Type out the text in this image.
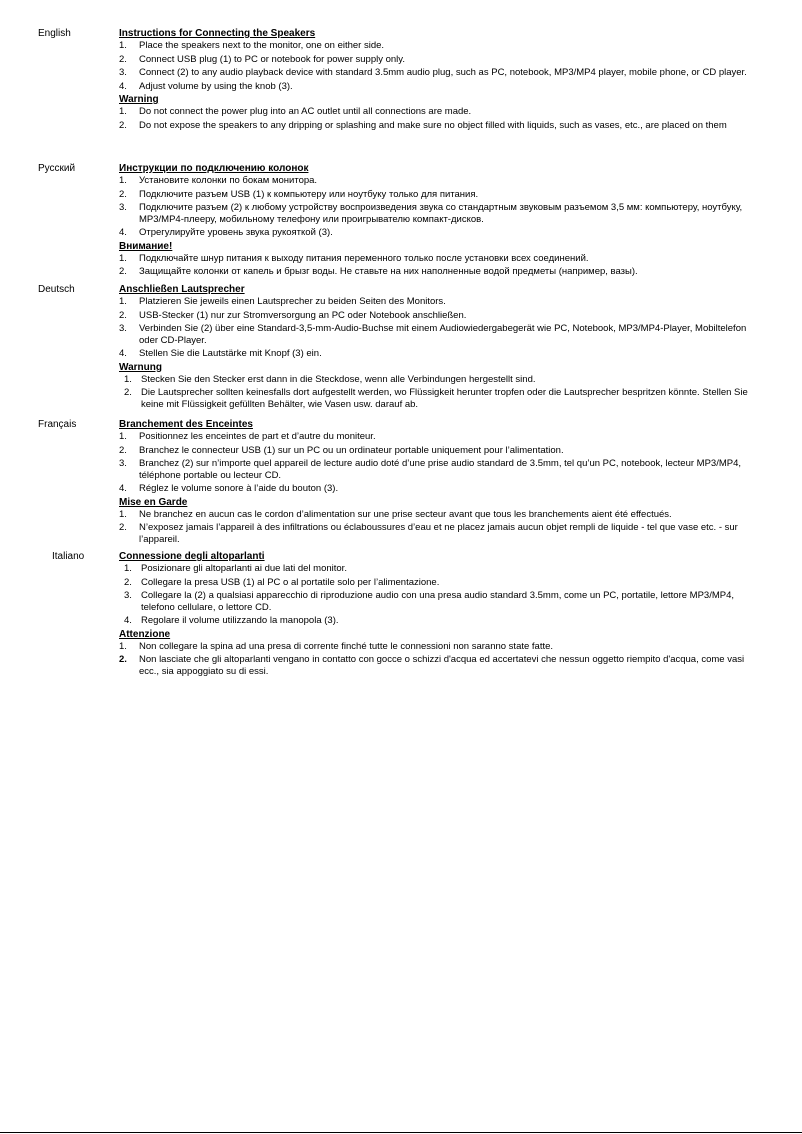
English	Instructions for Connecting the Speakers
1. Place the speakers next to the monitor, one on either side.
2. Connect USB plug (1) to PC or notebook for power supply only.
3. Connect (2) to any audio playback device with standard 3.5mm audio plug, such as PC, notebook, MP3/MP4 player, mobile phone, or CD player.
4. Adjust volume by using the knob (3).
Warning
1. Do not connect the power plug into an AC outlet until all connections are made.
2. Do not expose the speakers to any dripping or splashing and make sure no object filled with liquids, such as vases, etc., are placed on them
Русский	Инструкции по подключению колонок
1. Установите колонки по бокам монитора.
2. Подключите разъем USB (1) к компьютеру или ноутбуку только для питания.
3. Подключите разъем (2) к любому устройству воспроизведения звука со стандартным звуковым разъемом 3,5 мм: компьютеру, ноутбуку, MP3/MP4-плееру, мобильному телефону или проигрывателю компакт-дисков.
4. Отрегулируйте уровень звука рукояткой (3).
Внимание!
1. Подключайте шнур питания к выходу питания переменного только после установки всех соединений.
2. Защищайте колонки от капель и брызг воды. Не ставьте на них наполненные водой предметы (например, вазы).
Deutsch	Anschließen Lautsprecher
1. Platzieren Sie jeweils einen Lautsprecher zu beiden Seiten des Monitors.
2. USB-Stecker (1) nur zur Stromversorgung an PC oder Notebook anschließen.
3. Verbinden Sie (2) über eine Standard-3,5-mm-Audio-Buchse mit einem Audiowiedergabegerät wie PC, Notebook, MP3/MP4-Player, Mobiltelefon oder CD-Player.
4. Stellen Sie die Lautstärke mit Knopf (3) ein.
Warnung
1. Stecken Sie den Stecker erst dann in die Steckdose, wenn alle Verbindungen hergestellt sind.
2. Die Lautsprecher sollten keinesfalls dort aufgestellt werden, wo Flüssigkeit herunter tropfen oder die Lautsprecher bespritzen könnte. Stellen Sie keine mit Flüssigkeit gefüllten Behälter, wie Vasen usw. darauf ab.
Français	Branchement des Enceintes
1. Positionnez les enceintes de part et d’autre du moniteur.
2. Branchez le connecteur USB (1) sur un PC ou un ordinateur portable uniquement pour l’alimentation.
3. Branchez (2) sur n’importe quel appareil de lecture audio doté d’une prise audio standard de 3.5mm, tel qu’un PC, notebook, lecteur MP3/MP4, téléphone portable ou lecteur CD.
4. Réglez le volume sonore à l’aide du bouton (3).
Mise en Garde
1. Ne branchez en aucun cas le cordon d’alimentation sur une prise secteur avant que tous les branchements aient été effectués.
2. N’exposez jamais l’appareil à des infiltrations ou éclaboussures d’eau et ne placez jamais aucun objet rempli de liquide - tel que vase etc. - sur l’appareil.
Italiano	Connessione degli altoparlanti
1. Posizionare gli altoparlanti ai due lati del monitor.
2. Collegare la presa USB (1) al PC o al portatile solo per l’alimentazione.
3. Collegare la (2) a qualsiasi apparecchio di riproduzione audio con una presa audio standard 3.5mm, come un PC, portatile, lettore MP3/MP4, telefono cellulare, o lettore CD.
4. Regolare il volume utilizzando la manopola (3).
Attenzione
1. Non collegare la spina ad una presa di corrente finché tutte le connessioni non saranno state fatte.
2. Non lasciate che gli altoparlanti vengano in contatto con gocce o schizzi d'acqua ed accertatevi che nessun oggetto riempito d'acqua, come vasi ecc., sia appoggiato su di essi.
